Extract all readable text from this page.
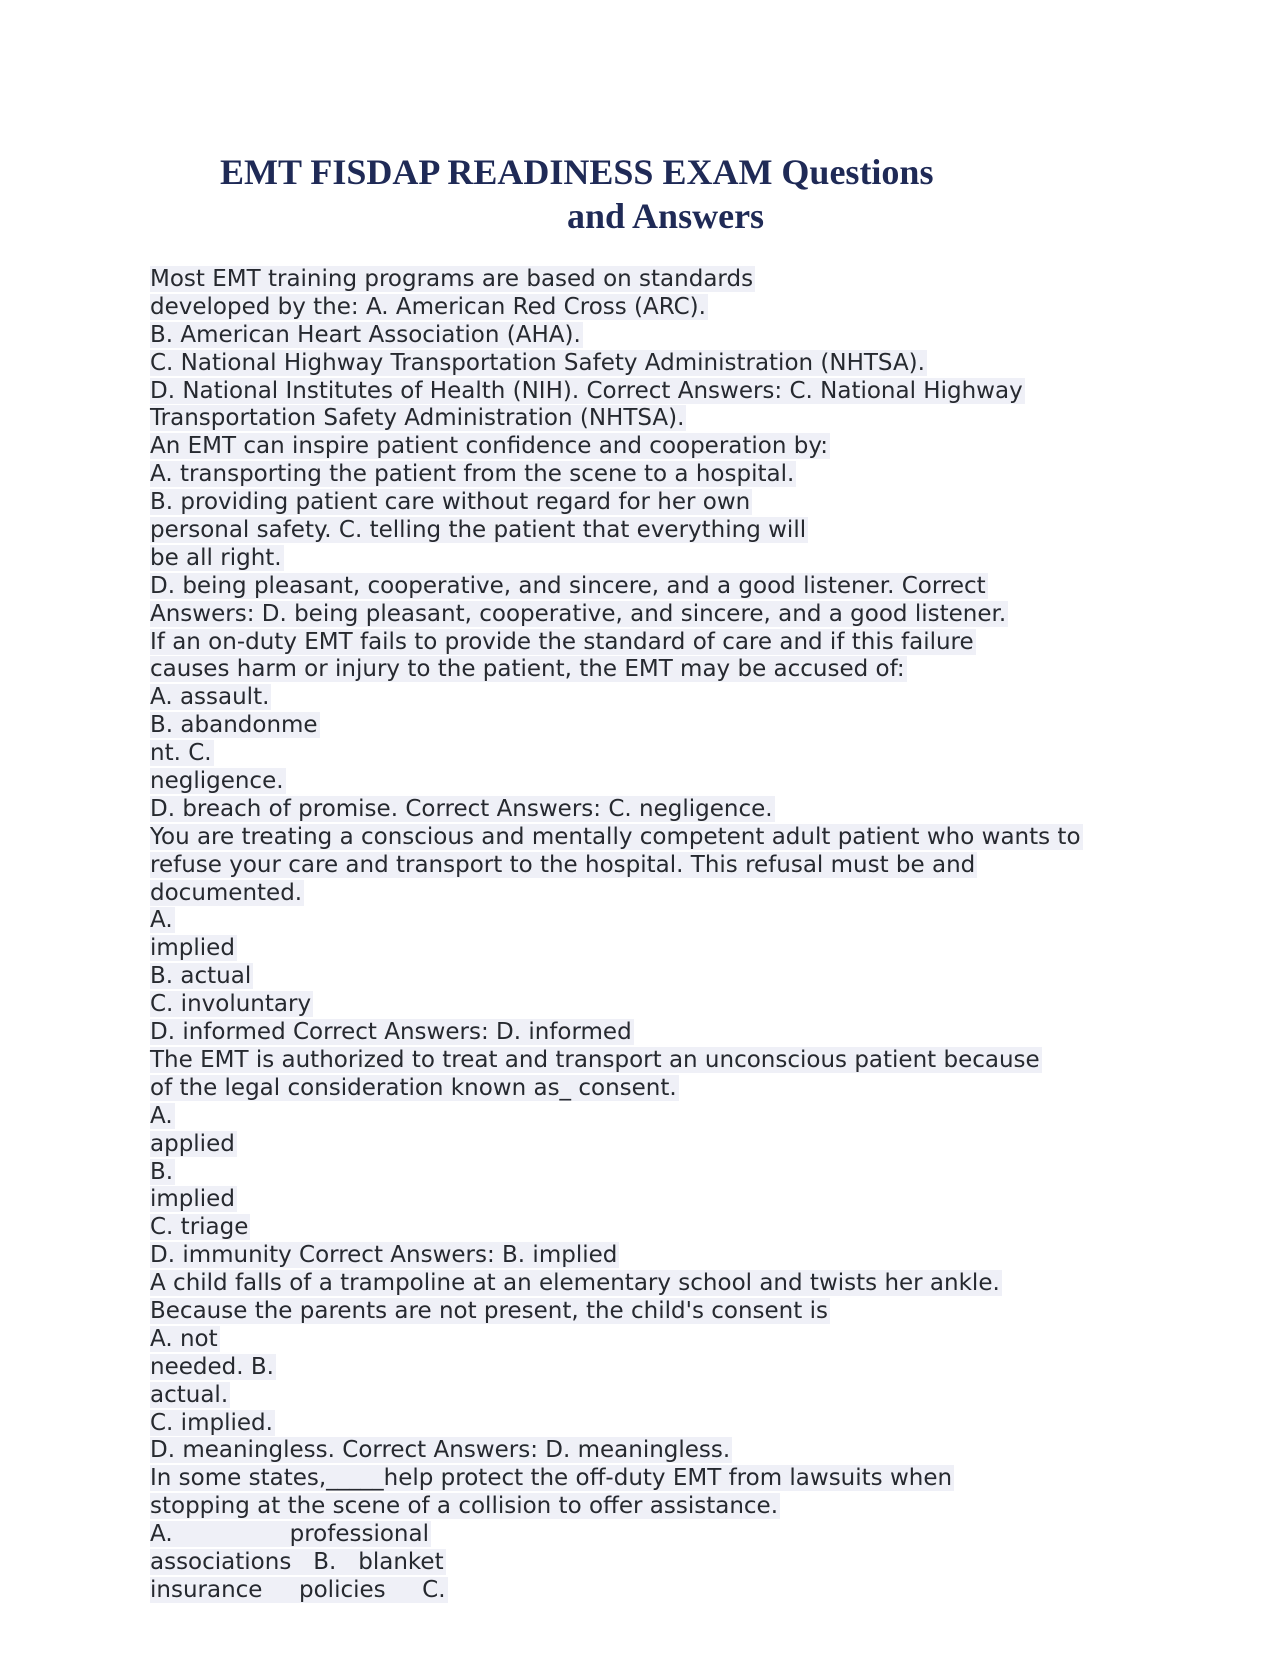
EMT FISDAP READINESS EXAM Questions
and Answers
Most EMT training programs are based on standards
developed by the: A. American Red Cross (ARC).
B. American Heart Association (AHA).
C. National Highway Transportation Safety Administration (NHTSA).
D. National Institutes of Health (NIH). Correct Answers: C. National Highway
Transportation Safety Administration (NHTSA).
An EMT can inspire patient confidence and cooperation by:
A. transporting the patient from the scene to a hospital.
B. providing patient care without regard for her own
personal safety. C. telling the patient that everything will
be all right.
D. being pleasant, cooperative, and sincere, and a good listener. Correct
Answers: D. being pleasant, cooperative, and sincere, and a good listener.
If an on-duty EMT fails to provide the standard of care and if this failure
causes harm or injury to the patient, the EMT may be accused of:
A. assault.
B. abandonme
nt. C.
negligence.
D. breach of promise. Correct Answers: C. negligence.
You are treating a conscious and mentally competent adult patient who wants to
refuse your care and transport to the hospital. This refusal must be and
documented.
A.
implied
B. actual
C. involuntary
D. informed Correct Answers: D. informed
The EMT is authorized to treat and transport an unconscious patient because
of the legal consideration known as_ consent.
A.
applied
B.
implied
C. triage
D. immunity Correct Answers: B. implied
A child falls of a trampoline at an elementary school and twists her ankle.
Because the parents are not present, the child's consent is
A. not
needed. B.
actual.
C. implied.
D. meaningless. Correct Answers: D. meaningless.
In some states,_____help protect the off-duty EMT from lawsuits when
stopping at the scene of a collision to offer assistance.
A.                professional
associations   B.   blanket
insurance     policies     C.
